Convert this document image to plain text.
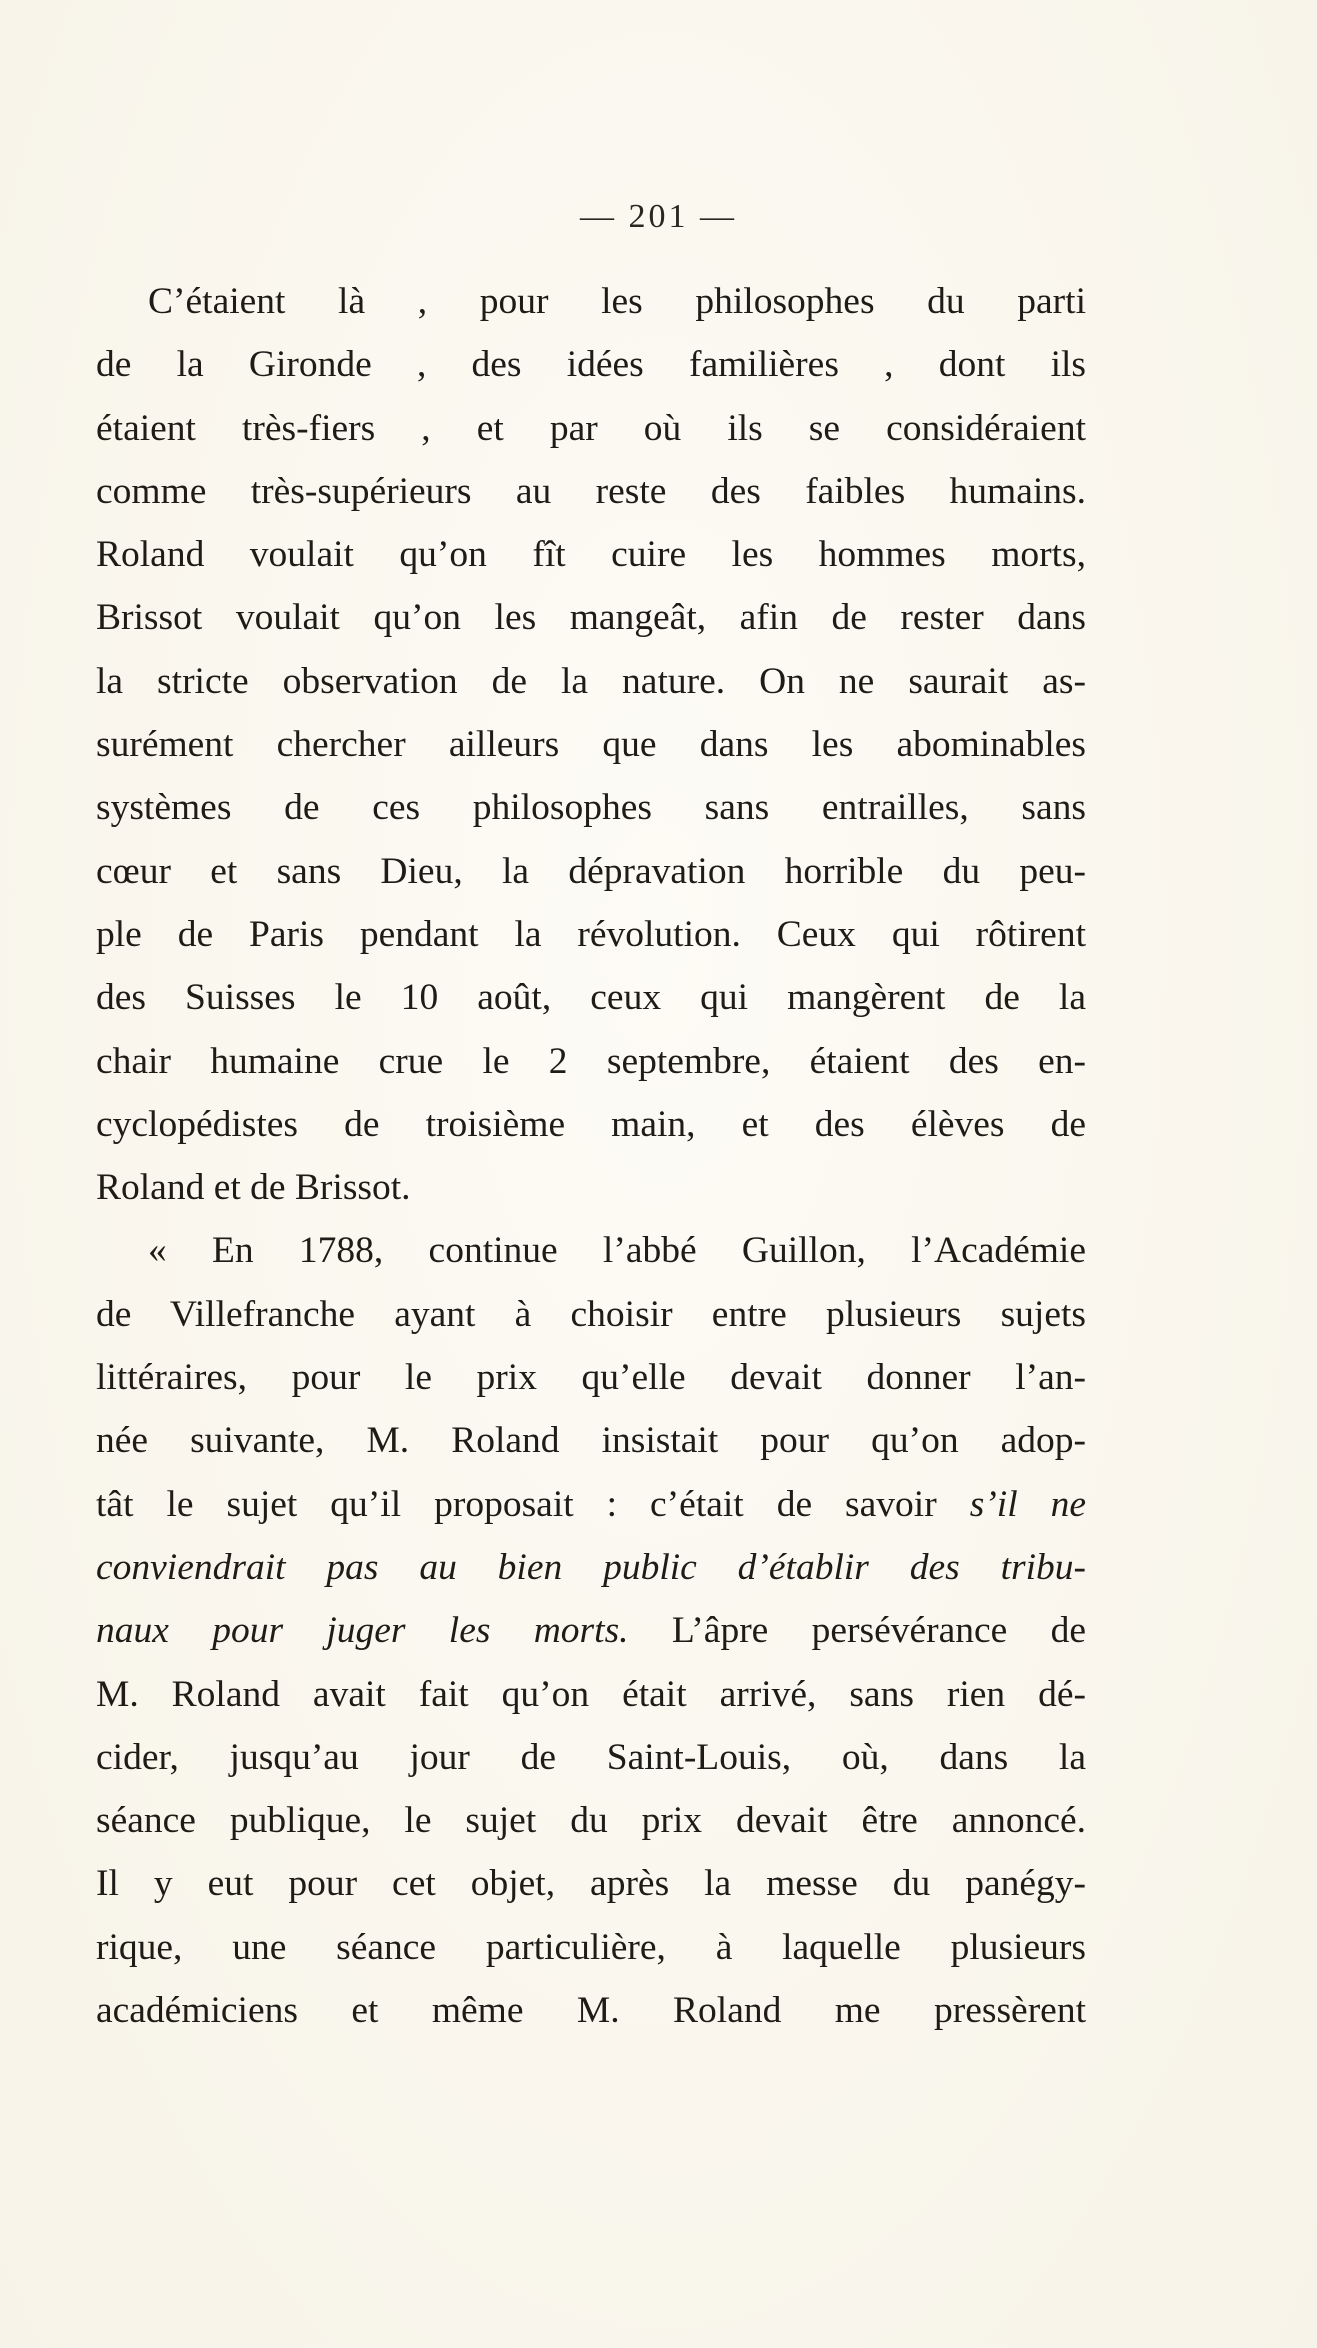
— 201 —
C’étaient là , pour les philosophes du parti
de la Gironde , des idées familières , dont ils
étaient très-fiers , et par où ils se considéraient
comme très-supérieurs au reste des faibles humains.
Roland voulait qu’on fît cuire les hommes morts,
Brissot voulait qu’on les mangeât, afin de rester dans
la stricte observation de la nature. On ne saurait as-
surément chercher ailleurs que dans les abominables
systèmes de ces philosophes sans entrailles, sans
cœur et sans Dieu, la dépravation horrible du peu-
ple de Paris pendant la révolution. Ceux qui rôtirent
des Suisses le 10 août, ceux qui mangèrent de la
chair humaine crue le 2 septembre, étaient des en-
cyclopédistes de troisième main, et des élèves de
Roland et de Brissot.
« En 1788, continue l’abbé Guillon, l’Académie
de Villefranche ayant à choisir entre plusieurs sujets
littéraires, pour le prix qu’elle devait donner l’an-
née suivante, M. Roland insistait pour qu’on adop-
tât le sujet qu’il proposait : c’était de savoir s’il ne
conviendrait pas au bien public d’établir des tribu-
naux pour juger les morts. L’âpre persévérance de
M. Roland avait fait qu’on était arrivé, sans rien dé-
cider, jusqu’au jour de Saint-Louis, où, dans la
séance publique, le sujet du prix devait être annoncé.
Il y eut pour cet objet, après la messe du panégy-
rique, une séance particulière, à laquelle plusieurs
académiciens et même M. Roland me pressèrent
